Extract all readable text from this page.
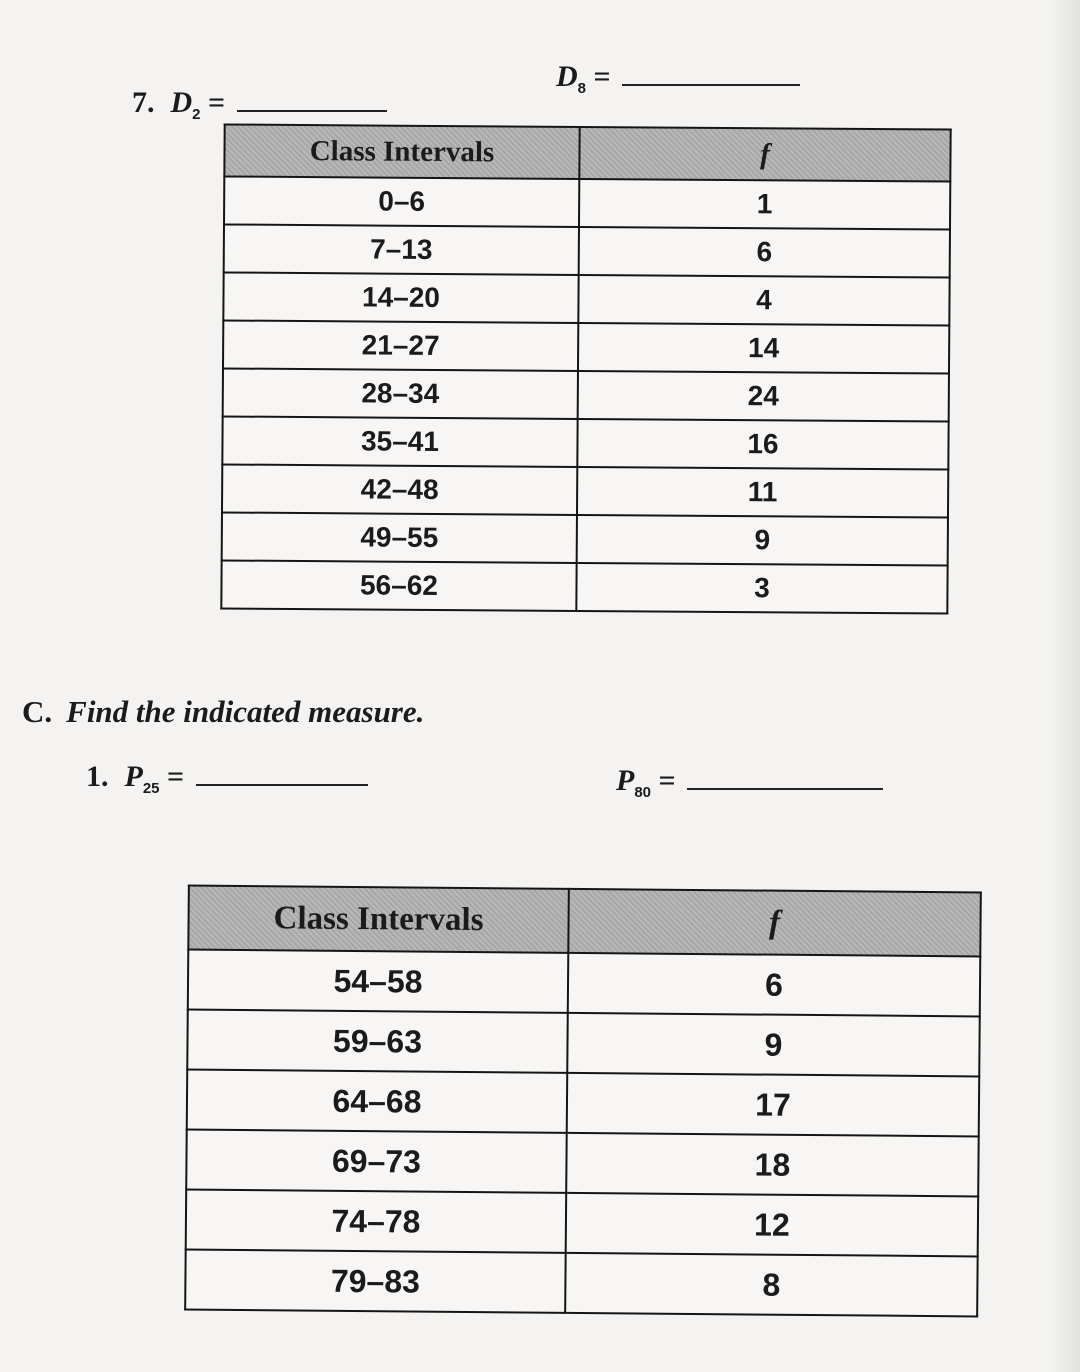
7. $D_2$ =
$D_8$ =
Class Intervals	f
0–6	1
7–13	6
14–20	4
21–27	14
28–34	24
35–41	16
42–48	11
49–55	9
56–62	3
C. Find the indicated measure.
1. $P_{25}$ =	$P_{80}$ =
Class Intervals	f
54–58	6
59–63	9
64–68	17
69–73	18
74–78	12
79–83	8
